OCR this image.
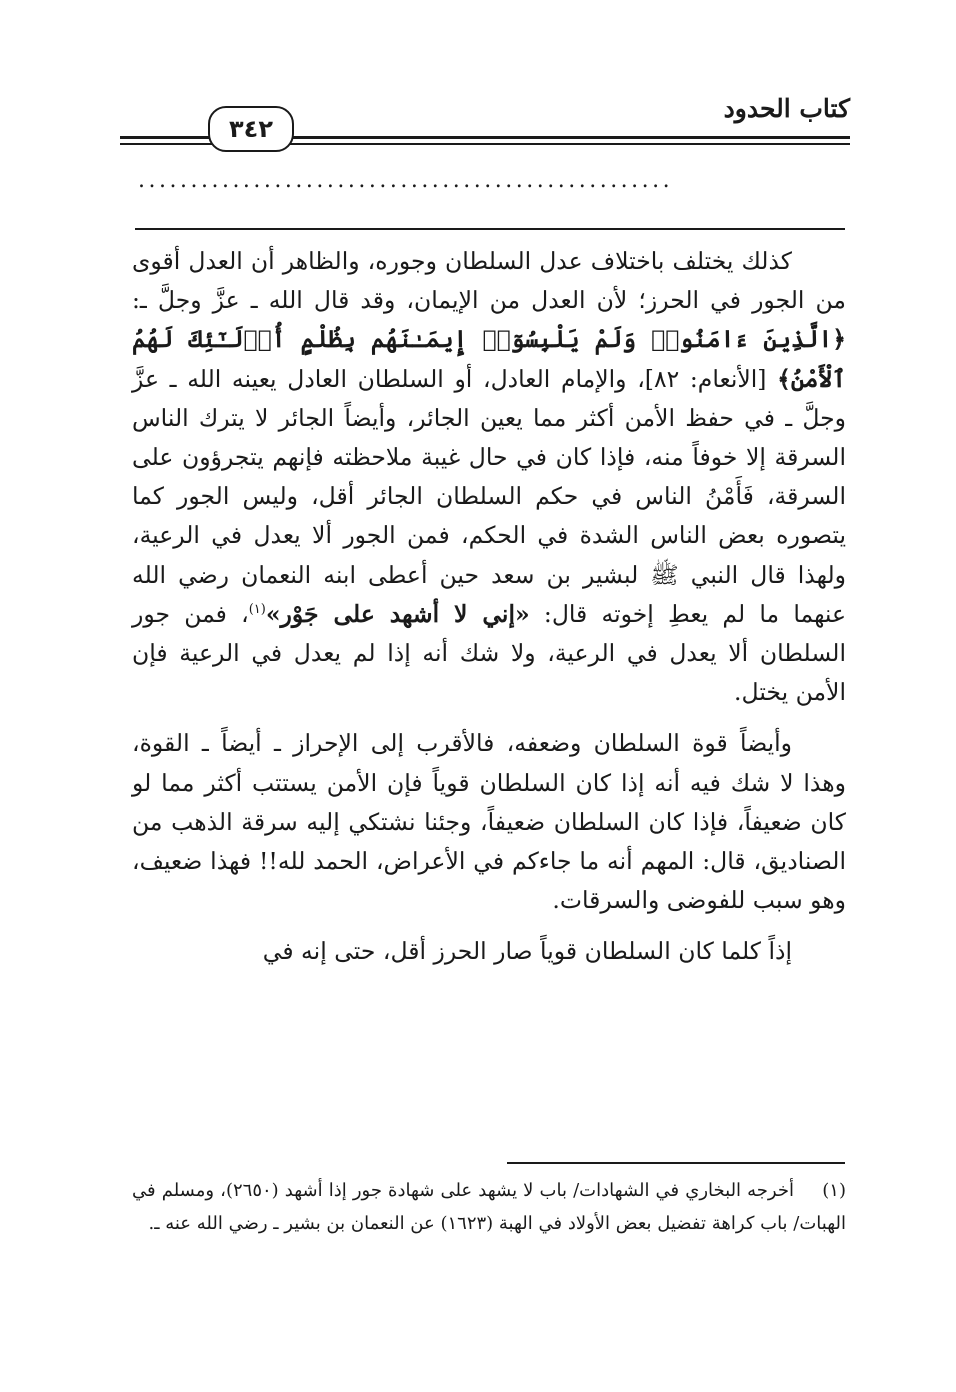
كتاب الحدود
٣٤٢
...................................................

كذلك يختلف باختلاف عدل السلطان وجوره، والظاهر أن العدل أقوى من الجور في الحرز؛ لأن العدل من الإيمان، وقد قال الله ـ عزَّ وجلَّ ـ: ﴿الَّذِينَ ءَامَنُوا۟ وَلَمْ يَلْبِسُوٓا۟ إِيمَـٰنَهُم بِظُلْمٍ أُو۟لَـٰٓئِكَ لَهُمُ ٱلْأَمْنُ﴾ [الأنعام: ٨٢]، والإمام العادل، أو السلطان العادل يعينه الله ـ عزَّ وجلَّ ـ في حفظ الأمن أكثر مما يعين الجائر، وأيضاً الجائر لا يترك الناس السرقة إلا خوفاً منه، فإذا كان في حال غيبة ملاحظته فإنهم يتجرؤون على السرقة، فَأَمْنُ الناس في حكم السلطان الجائر أقل، وليس الجور كما يتصوره بعض الناس الشدة في الحكم، فمن الجور ألا يعدل في الرعية، ولهذا قال النبي ﷺ لبشير بن سعد حين أعطى ابنه النعمان رضي الله عنهما ما لم يعطِ إخوته قال: «إني لا أشهد على جَوْر»$^{(١)}$، فمن جور السلطان ألا يعدل في الرعية، ولا شك أنه إذا لم يعدل في الرعية فإن الأمن يختل.

وأيضاً قوة السلطان وضعفه، فالأقرب إلى الإحراز ـ أيضاً ـ القوة، وهذا لا شك فيه أنه إذا كان السلطان قوياً فإن الأمن يستتب أكثر مما لو كان ضعيفاً، فإذا كان السلطان ضعيفاً، وجئنا نشتكي إليه سرقة الذهب من الصناديق، قال: المهم أنه ما جاءكم في الأعراض، الحمد لله!! فهذا ضعيف، وهو سبب للفوضى والسرقات.

إذاً كلما كان السلطان قوياً صار الحرز أقل، حتى إنه في

(١)أخرجه البخاري في الشهادات/ باب لا يشهد على شهادة جور إذا أشهد (٢٦٥٠)، ومسلم في الهبات/ باب كراهة تفضيل بعض الأولاد في الهبة (١٦٢٣) عن النعمان بن بشير ـ رضي الله عنه ـ.
